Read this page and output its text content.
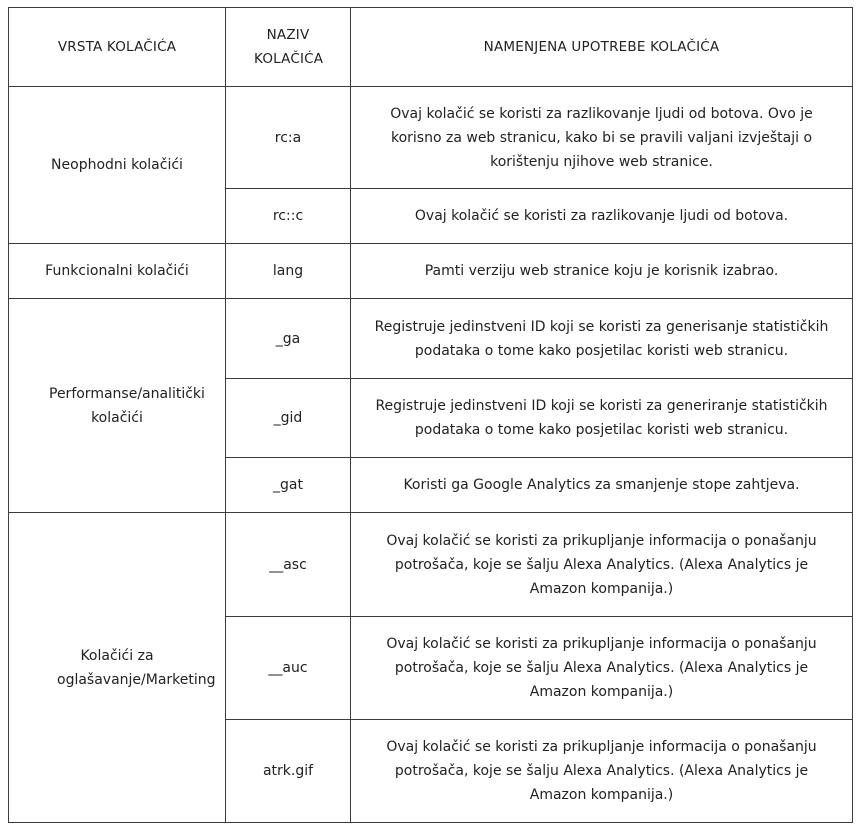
VRSTA KOLAČIĆA	NAZIV KOLAČIĆA	NAMENJENA UPOTREBE KOLAČIĆA
Neophodni kolačići	rc:a	Ovaj kolačić se koristi za razlikovanje ljudi od botova. Ovo je korisno za web stranicu, kako bi se pravili valjani izvještaji o korištenju njihove web stranice.
	rc::c	Ovaj kolačić se koristi za razlikovanje ljudi od botova.
Funkcionalni kolačići	lang	Pamti verziju web stranice koju je korisnik izabrao.
Performanse/analitički kolačići	_ga	Registruje jedinstveni ID koji se koristi za generisanje statističkih podataka o tome kako posjetilac koristi web stranicu.
	_gid	Registruje jedinstveni ID koji se koristi za generiranje statističkih podataka o tome kako posjetilac koristi web stranicu.
	_gat	Koristi ga Google Analytics za smanjenje stope zahtjeva.
Kolačići za oglašavanje/Marketing	__asc	Ovaj kolačić se koristi za prikupljanje informacija o ponašanju potrošača, koje se šalju Alexa Analytics. (Alexa Analytics je Amazon kompanija.)
	__auc	Ovaj kolačić se koristi za prikupljanje informacija o ponašanju potrošača, koje se šalju Alexa Analytics. (Alexa Analytics je Amazon kompanija.)
	atrk.gif	Ovaj kolačić se koristi za prikupljanje informacija o ponašanju potrošača, koje se šalju Alexa Analytics. (Alexa Analytics je Amazon kompanija.)
